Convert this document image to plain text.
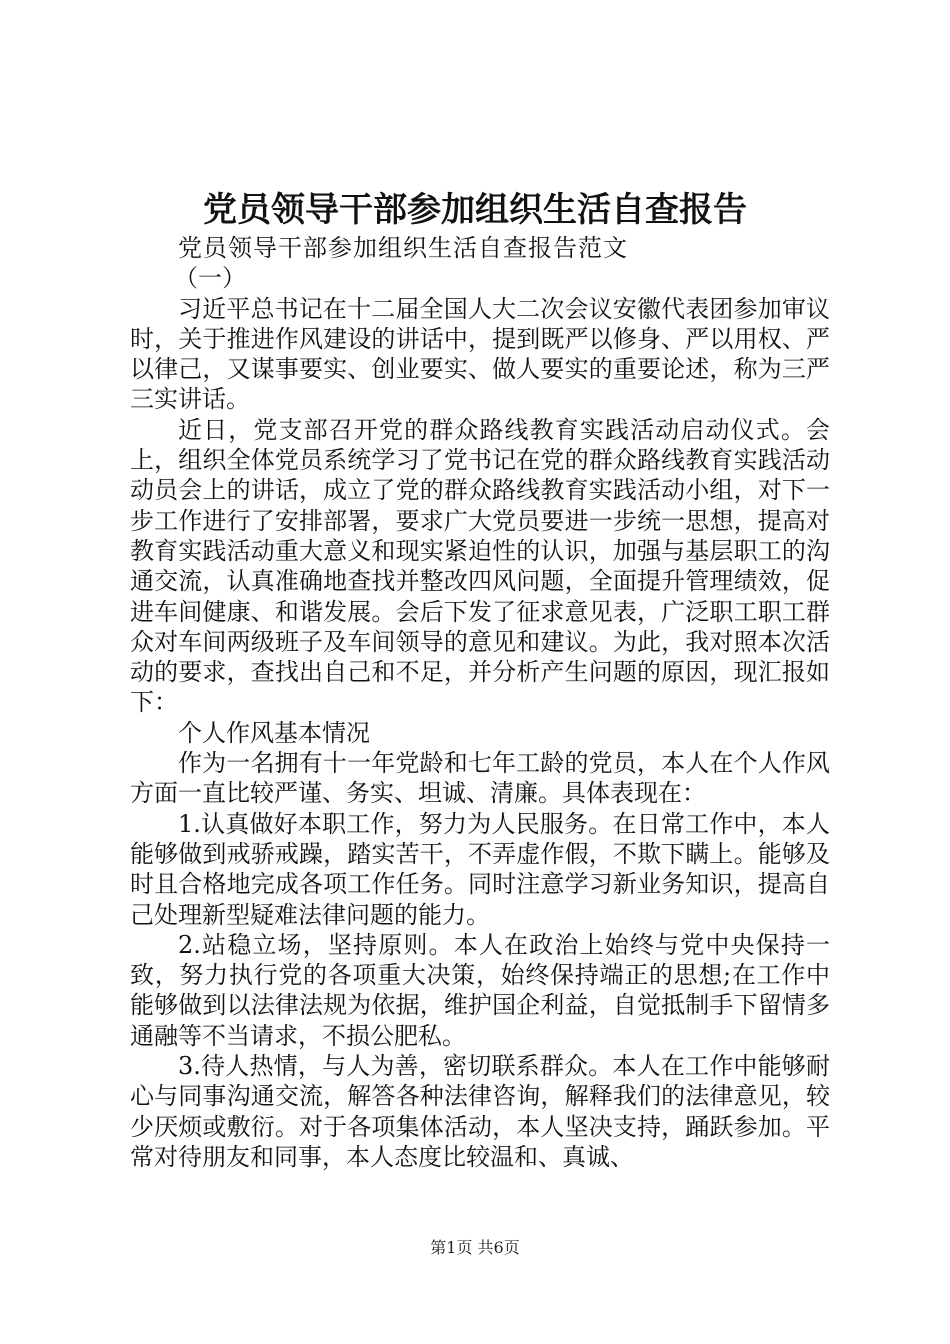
党员领导干部参加组织生活自查报告

党员领导干部参加组织生活自查报告范文

（一）

习近平总书记在十二届全国人大二次会议安徽代表团参加审议时，关于推进作风建设的讲话中，提到既严以修身、严以用权、严以律己，又谋事要实、创业要实、做人要实的重要论述，称为三严三实讲话。

近日，党支部召开党的群众路线教育实践活动启动仪式。会上，组织全体党员系统学习了党书记在党的群众路线教育实践活动动员会上的讲话，成立了党的群众路线教育实践活动小组，对下一步工作进行了安排部署，要求广大党员要进一步统一思想，提高对教育实践活动重大意义和现实紧迫性的认识，加强与基层职工的沟通交流，认真准确地查找并整改四风问题，全面提升管理绩效，促进车间健康、和谐发展。会后下发了征求意见表，广泛职工职工群众对车间两级班子及车间领导的意见和建议。为此，我对照本次活动的要求，查找出自己和不足，并分析产生问题的原因，现汇报如下：

个人作风基本情况

作为一名拥有十一年党龄和七年工龄的党员，本人在个人作风方面一直比较严谨、务实、坦诚、清廉。具体表现在：

1.认真做好本职工作，努力为人民服务。在日常工作中，本人能够做到戒骄戒躁，踏实苦干，不弄虚作假，不欺下瞒上。能够及时且合格地完成各项工作任务。同时注意学习新业务知识，提高自己处理新型疑难法律问题的能力。

2.站稳立场，坚持原则。本人在政治上始终与党中央保持一致，努力执行党的各项重大决策，始终保持端正的思想;在工作中能够做到以法律法规为依据，维护国企利益，自觉抵制手下留情多通融等不当请求，不损公肥私。

3.待人热情，与人为善，密切联系群众。本人在工作中能够耐心与同事沟通交流，解答各种法律咨询，解释我们的法律意见，较少厌烦或敷衍。对于各项集体活动，本人坚决支持，踊跃参加。平常对待朋友和同事，本人态度比较温和、真诚、

第1页 共6页
